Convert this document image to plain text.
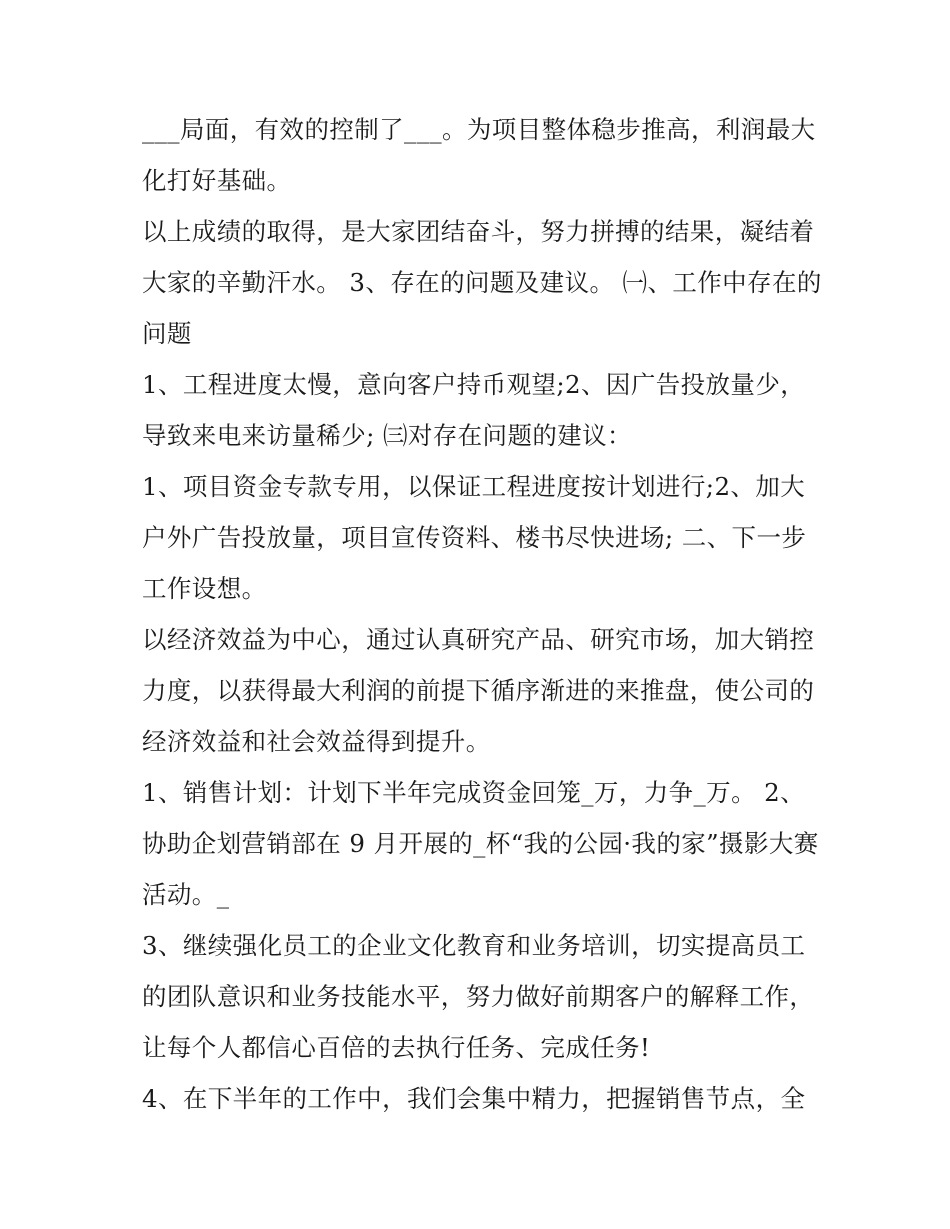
___局面，有效的控制了___。为项目整体稳步推高，利润最大
化打好基础。

以上成绩的取得，是大家团结奋斗，努力拼搏的结果，凝结着
大家的辛勤汗水。 3、存在的问题及建议。 ㈠、工作中存在的
问题

1、工程进度太慢，意向客户持币观望;2、因广告投放量少，
导致来电来访量稀少; ㈢对存在问题的建议：

1、项目资金专款专用，以保证工程进度按计划进行;2、加大
户外广告投放量，项目宣传资料、楼书尽快进场; 二、下一步
工作设想。

以经济效益为中心，通过认真研究产品、研究市场，加大销控
力度，以获得最大利润的前提下循序渐进的来推盘，使公司的
经济效益和社会效益得到提升。

1、销售计划：计划下半年完成资金回笼_万，力争_万。 2、
协助企划营销部在 9 月开展的_杯“我的公园·我的家”摄影大赛
活动。_

3、继续强化员工的企业文化教育和业务培训，切实提高员工
的团队意识和业务技能水平，努力做好前期客户的解释工作，
让每个人都信心百倍的去执行任务、完成任务!

4、在下半年的工作中，我们会集中精力，把握销售节点，全
